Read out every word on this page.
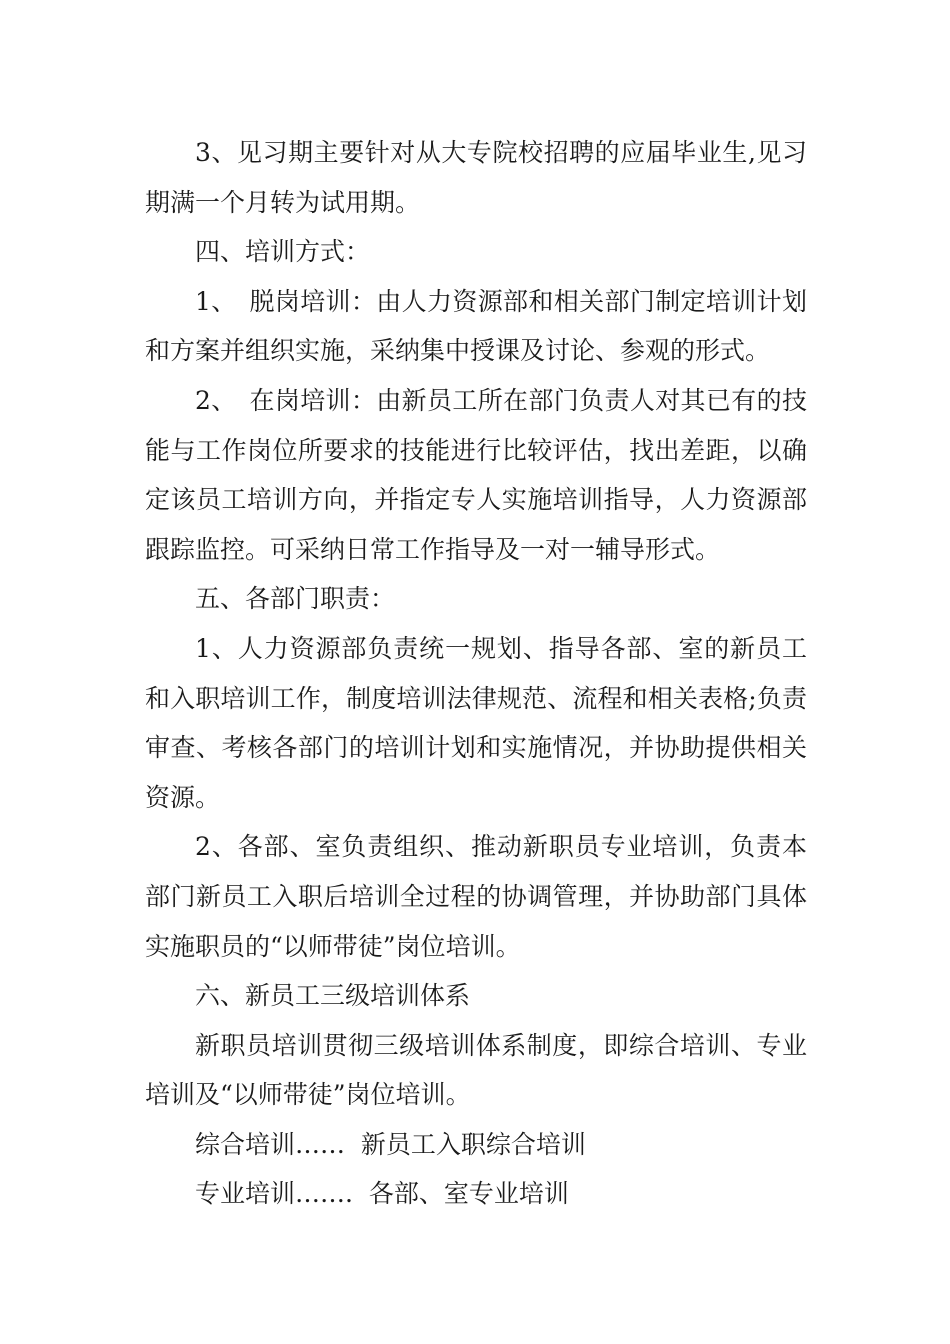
3、见习期主要针对从大专院校招聘的应届毕业生,见习期满一个月转为试用期。

四、培训方式：

1、　脱岗培训：由人力资源部和相关部门制定培训计划和方案并组织实施，采纳集中授课及讨论、参观的形式。

2、　在岗培训：由新员工所在部门负责人对其已有的技能与工作岗位所要求的技能进行比较评估，找出差距，以确定该员工培训方向，并指定专人实施培训指导，人力资源部跟踪监控。可采纳日常工作指导及一对一辅导形式。

五、各部门职责：

1、人力资源部负责统一规划、指导各部、室的新员工和入职培训工作，制度培训法律规范、流程和相关表格;负责审查、考核各部门的培训计划和实施情况，并协助提供相关资源。

2、各部、室负责组织、推动新职员专业培训，负责本部门新员工入职后培训全过程的协调管理，并协助部门具体实施职员的“以师带徒”岗位培训。

六、新员工三级培训体系

新职员培训贯彻三级培训体系制度，即综合培训、专业培训及“以师带徒”岗位培训。

综合培训……  新员工入职综合培训

专业培训…….  各部、室专业培训
